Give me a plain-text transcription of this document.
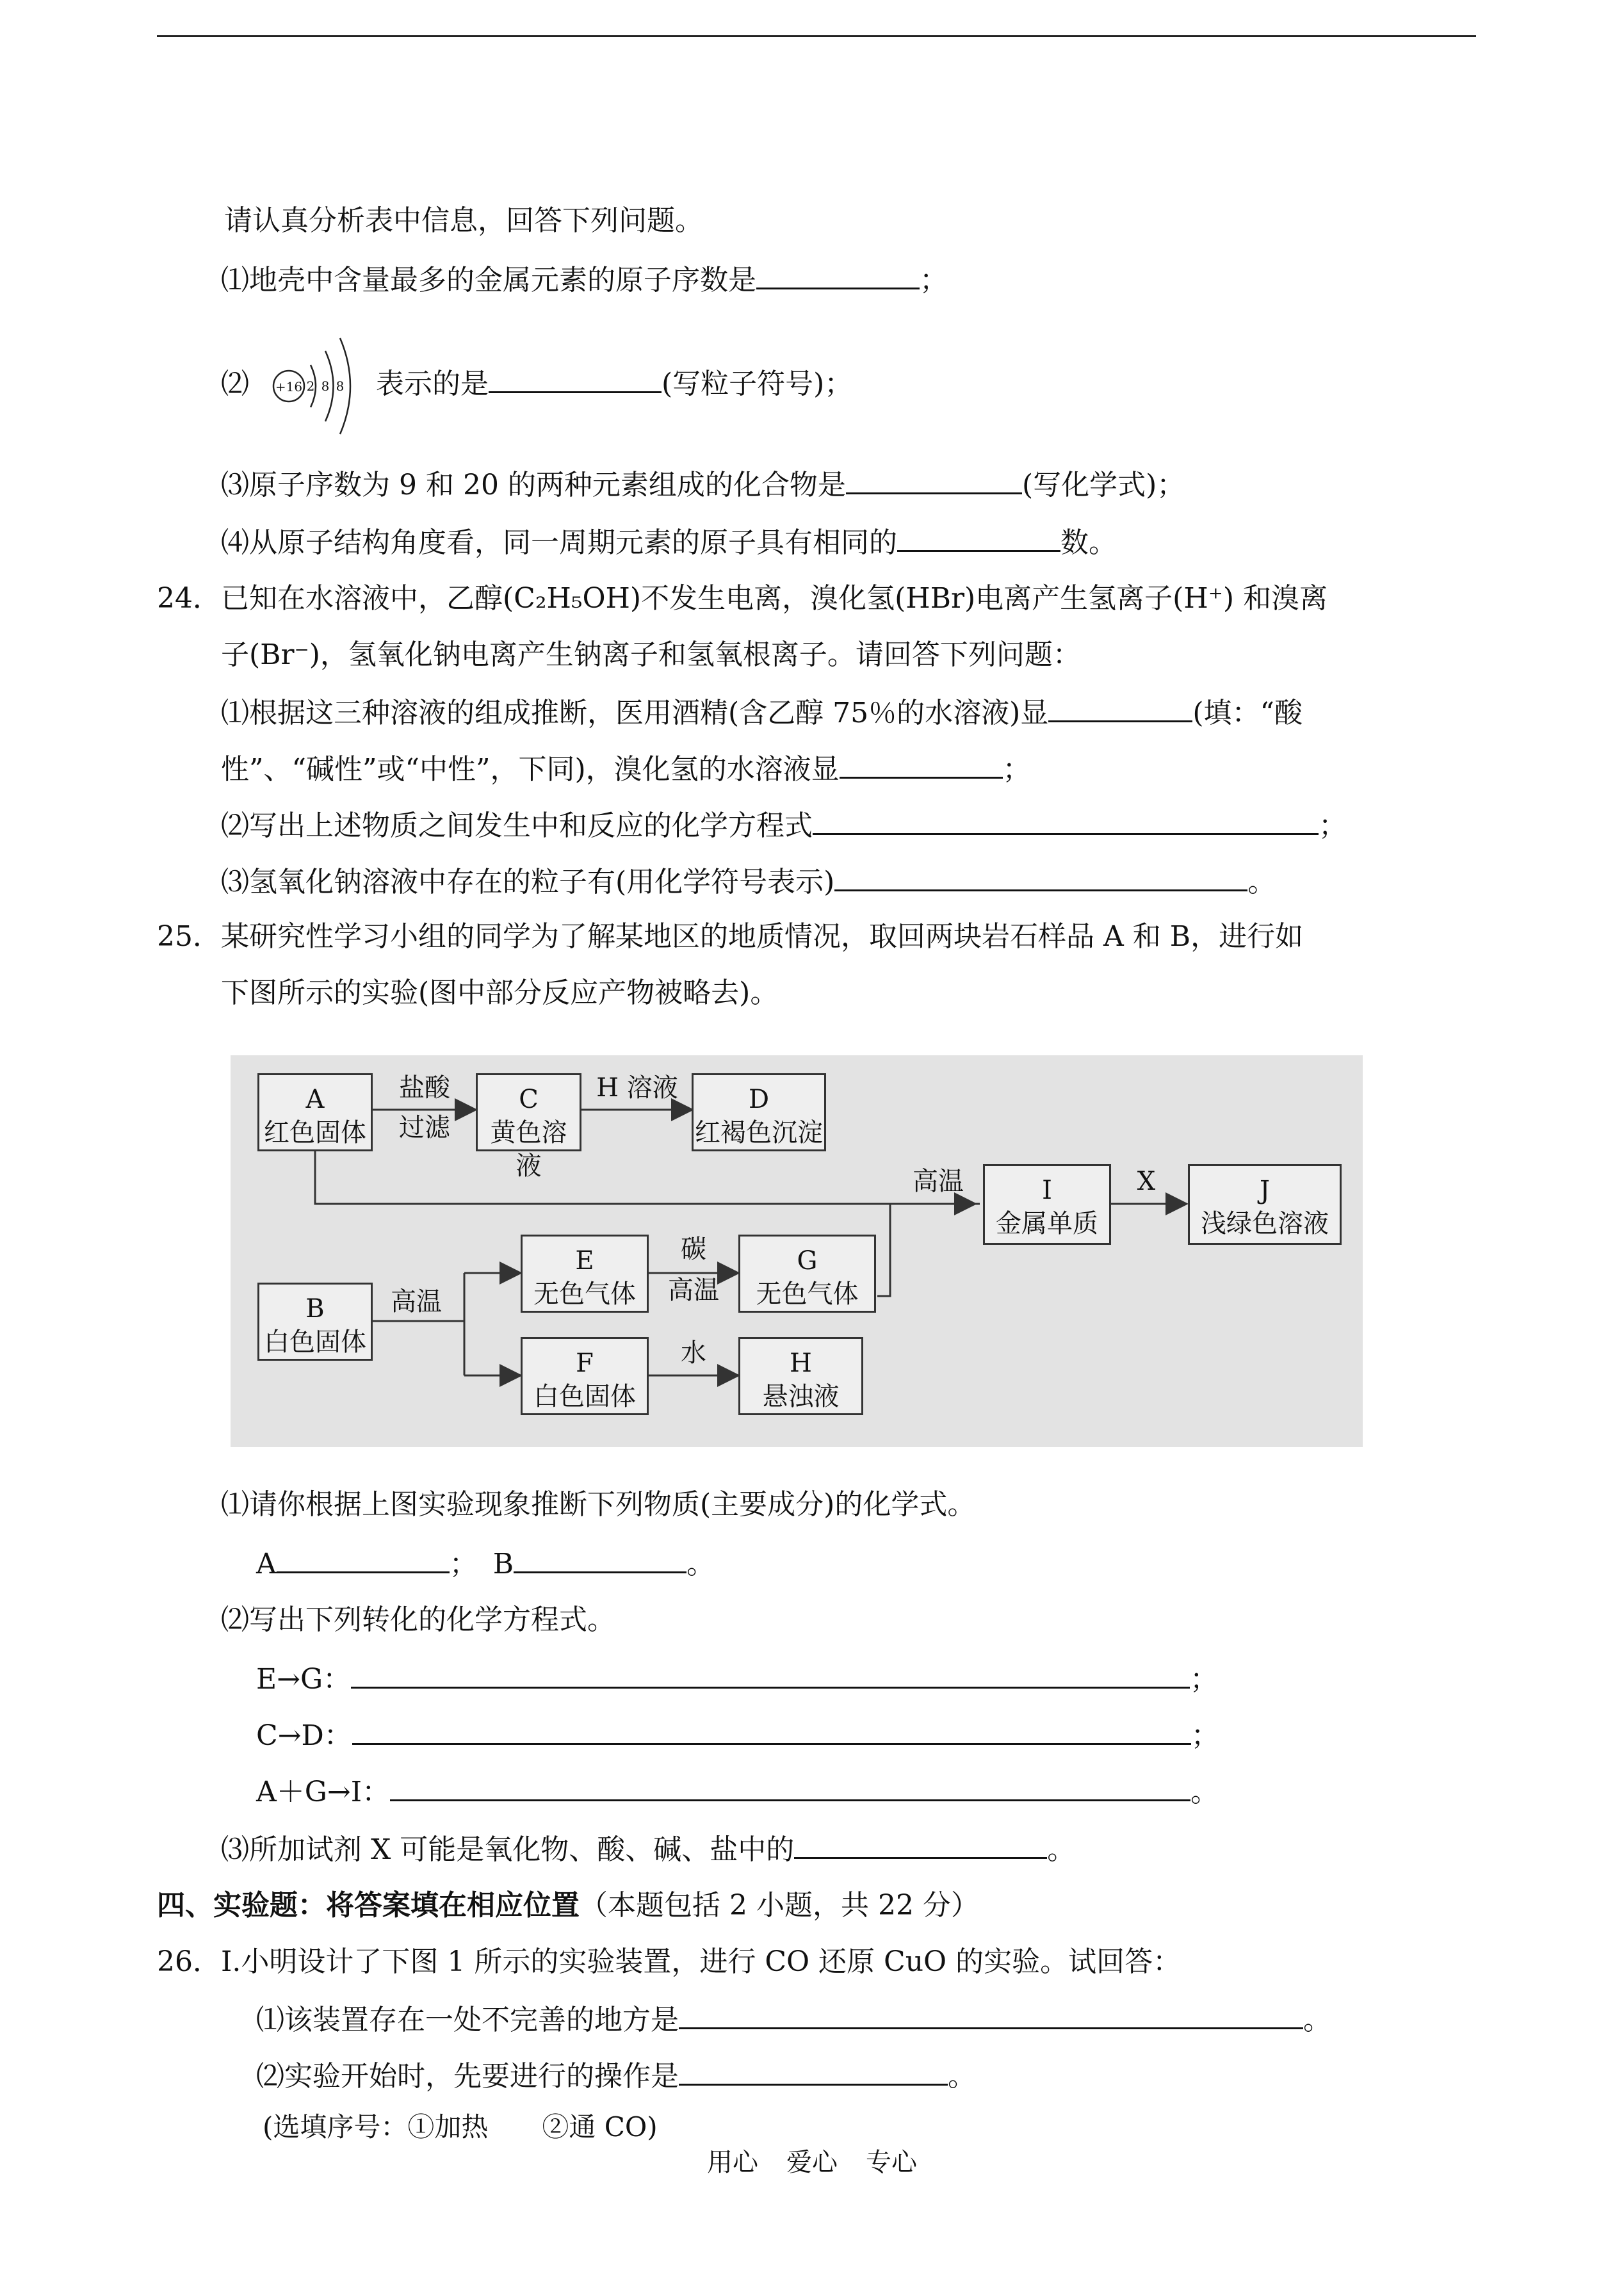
请认真分析表中信息，回答下列问题。
⑴地壳中含量最多的金属元素的原子序数是	；
⑵ +16 2 8 8 表示的是	(写粒子符号)；
⑶原子序数为 9 和 20 的两种元素组成的化合物是	(写化学式)；
⑷从原子结构角度看，同一周期元素的原子具有相同的	数。
24．已知在水溶液中，乙醇(C₂H₅OH)不发生电离，溴化氢(HBr)电离产生氢离子(H⁺) 和溴离
子(Br⁻)，氢氧化钠电离产生钠离子和氢氧根离子。请回答下列问题：
⑴根据这三种溶液的组成推断，医用酒精(含乙醇 75％的水溶液)显	(填：“酸
性”、“碱性”或“中性”，下同)，溴化氢的水溶液显	；
⑵写出上述物质之间发生中和反应的化学方程式	；
⑶氢氧化钠溶液中存在的粒子有(用化学符号表示)	。
25．某研究性学习小组的同学为了解某地区的地质情况，取回两块岩石样品 A 和 B，进行如
下图所示的实验(图中部分反应产物被略去)。
A
红色固体
盐酸
过滤
C
黄色溶液
H 溶液	D
红褐色沉淀
高温	I
金属单质
X	J
浅绿色溶液
B
白色固体
高温
E
无色气体
碳
高温
G
无色气体
F
白色固体
水	H
悬浊液
⑴请你根据上图实验现象推断下列物质(主要成分)的化学式。
A	； B	。
⑵写出下列转化的化学方程式。
E→G：	；
C→D：	；
A＋G→I：	。
⑶所加试剂 X 可能是氧化物、酸、碱、盐中的	。
四、实验题：将答案填在相应位置（本题包括 2 小题，共 22 分）
26．Ⅰ.小明设计了下图 1 所示的实验装置，进行 CO 还原 CuO 的实验。试回答：
⑴该装置存在一处不完善的地方是	。
⑵实验开始时，先要进行的操作是	。
(选填序号：①加热　　②通 CO)
用心 爱心 专心
